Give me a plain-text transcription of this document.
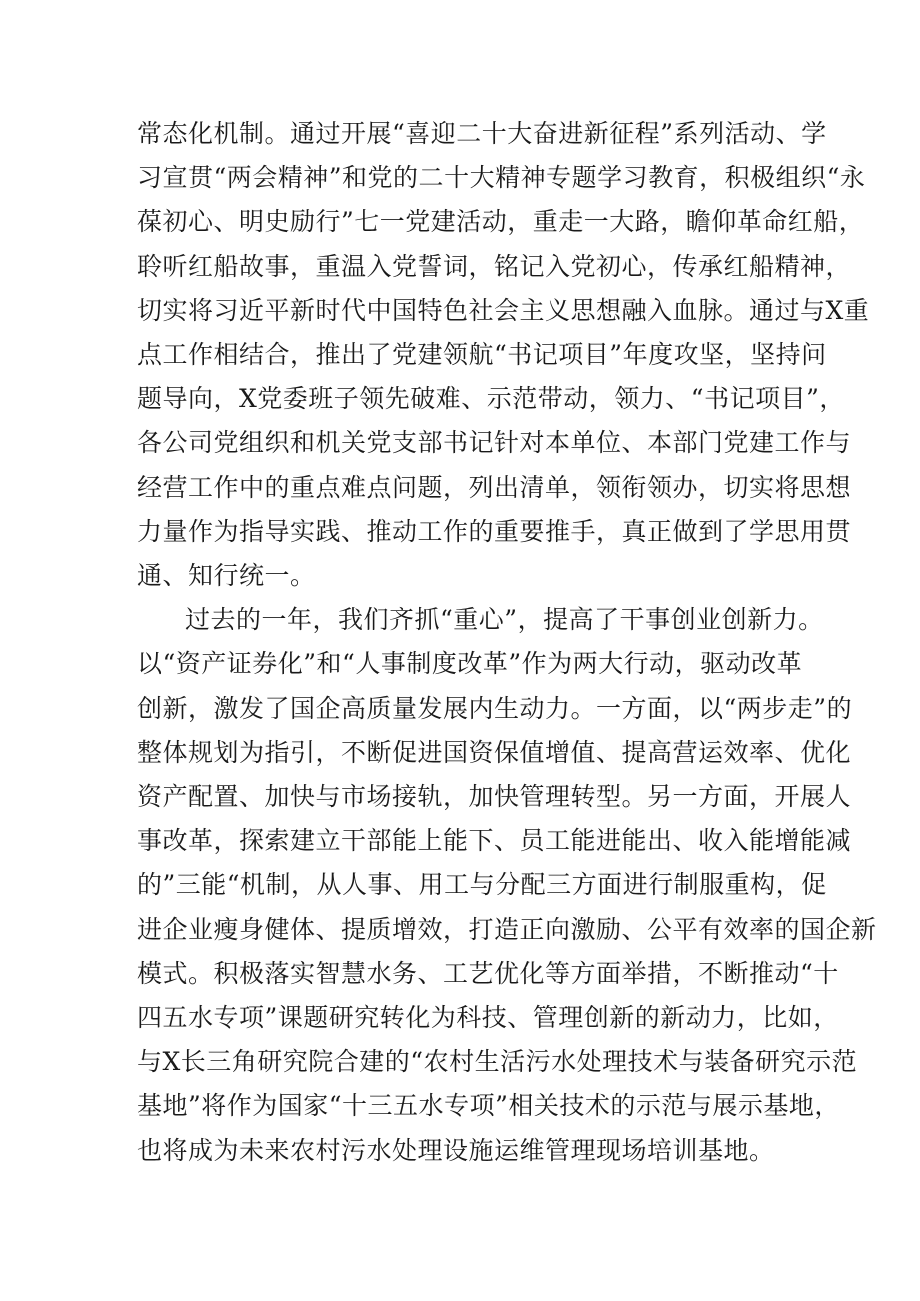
常态化机制。通过开展“喜迎二十大奋进新征程”系列活动、学
习宣贯“两会精神”和党的二十大精神专题学习教育，积极组织“永
葆初心、明史励行”七一党建活动，重走一大路，瞻仰革命红船，
聆听红船故事，重温入党誓词，铭记入党初心，传承红船精神，
切实将习近平新时代中国特色社会主义思想融入血脉。通过与X重
点工作相结合，推出了党建领航“书记项目”年度攻坚，坚持问
题导向，X党委班子领先破难、示范带动，领力、“书记项目”，
各公司党组织和机关党支部书记针对本单位、本部门党建工作与
经营工作中的重点难点问题，列出清单，领衔领办，切实将思想
力量作为指导实践、推动工作的重要推手，真正做到了学思用贯
通、知行统一。

过去的一年，我们齐抓“重心”，提高了干事创业创新力。
以“资产证券化”和“人事制度改革”作为两大行动，驱动改革
创新，激发了国企高质量发展内生动力。一方面，以“两步走”的
整体规划为指引，不断促进国资保值增值、提高营运效率、优化
资产配置、加快与市场接轨，加快管理转型。另一方面，开展人
事改革，探索建立干部能上能下、员工能进能出、收入能增能减
的”三能“机制，从人事、用工与分配三方面进行制服重构，促
进企业瘦身健体、提质增效，打造正向激励、公平有效率的国企新
模式。积极落实智慧水务、工艺优化等方面举措，不断推动“十
四五水专项”课题研究转化为科技、管理创新的新动力，比如，
与X长三角研究院合建的“农村生活污水处理技术与装备研究示范
基地”将作为国家“十三五水专项”相关技术的示范与展示基地，
也将成为未来农村污水处理设施运维管理现场培训基地。
